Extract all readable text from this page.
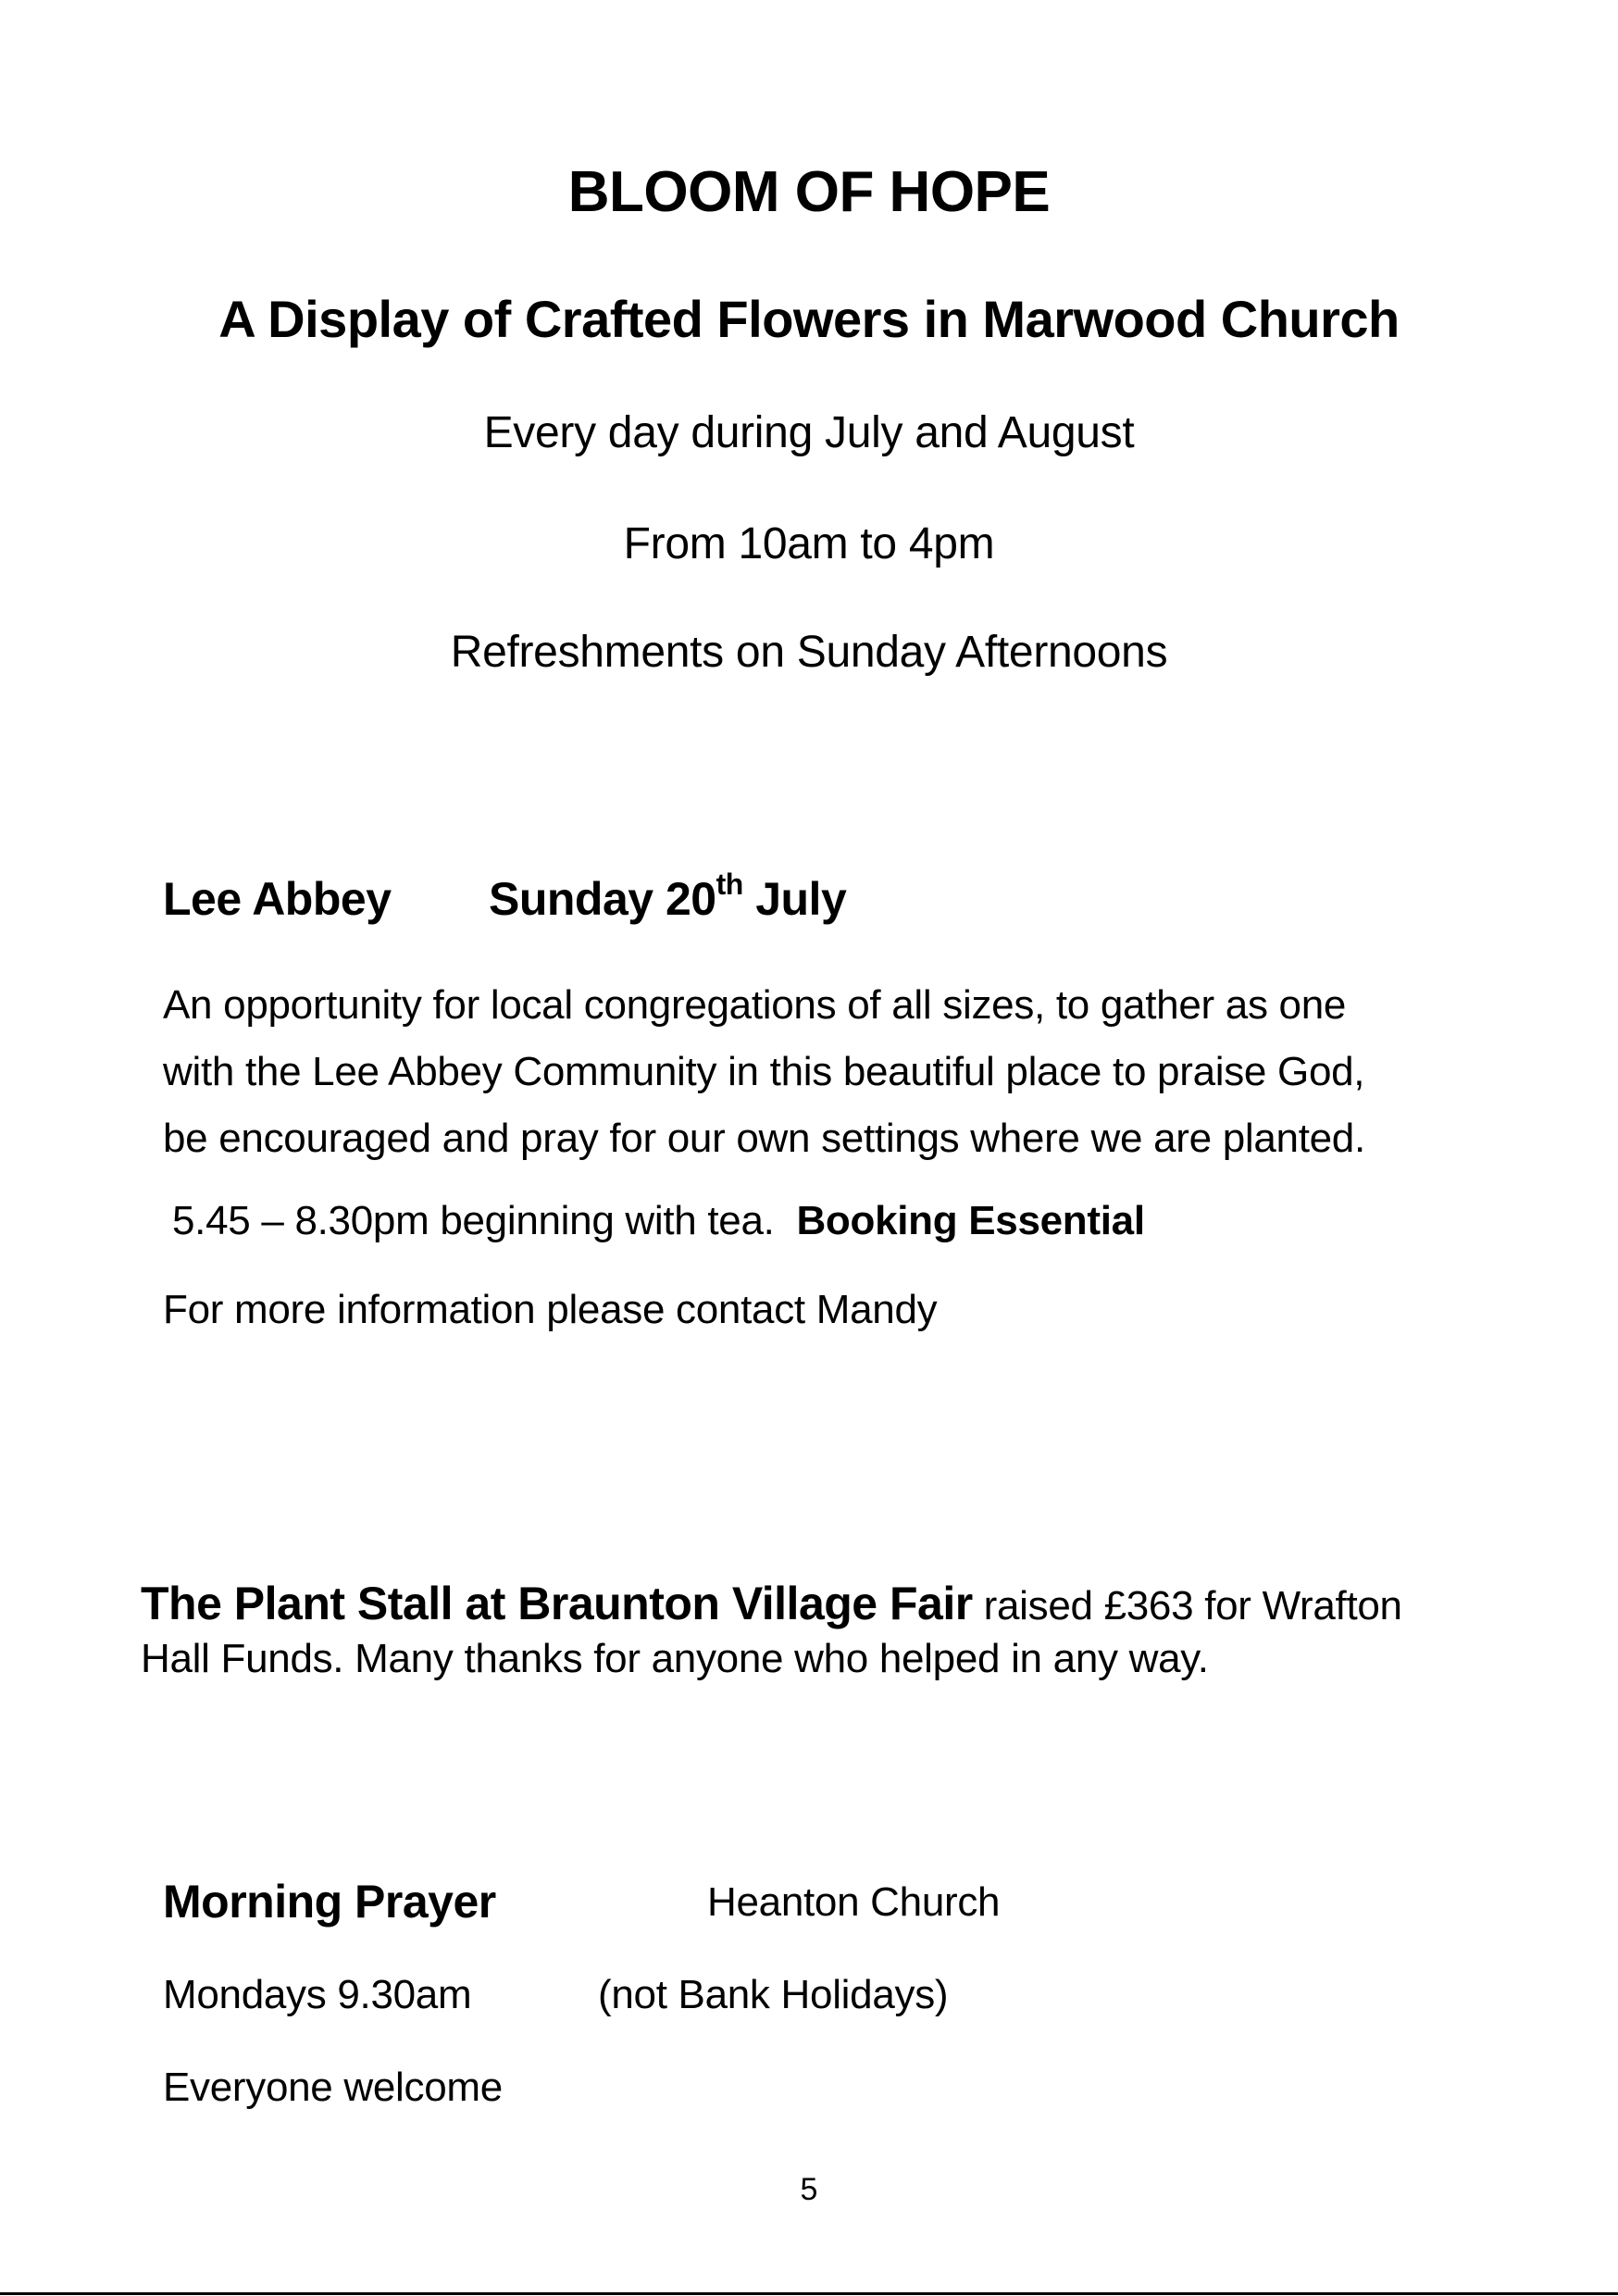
BLOOM OF HOPE
A Display of Crafted Flowers in Marwood Church
Every day during July and August
From 10am to 4pm
Refreshments on Sunday Afternoons
Lee Abbey Sunday 20th July
An opportunity for local congregations of all sizes, to gather as one
with the Lee Abbey Community in this beautiful place to praise God,
be encouraged and pray for our own settings where we are planted.
5.45 – 8.30pm beginning with tea.  Booking Essential
For more information please contact Mandy
The Plant Stall at Braunton Village Fair raised £363 for Wrafton
Hall Funds. Many thanks for anyone who helped in any way.
Morning Prayer	Heanton Church
Mondays 9.30am	(not Bank Holidays)
Everyone welcome
5
